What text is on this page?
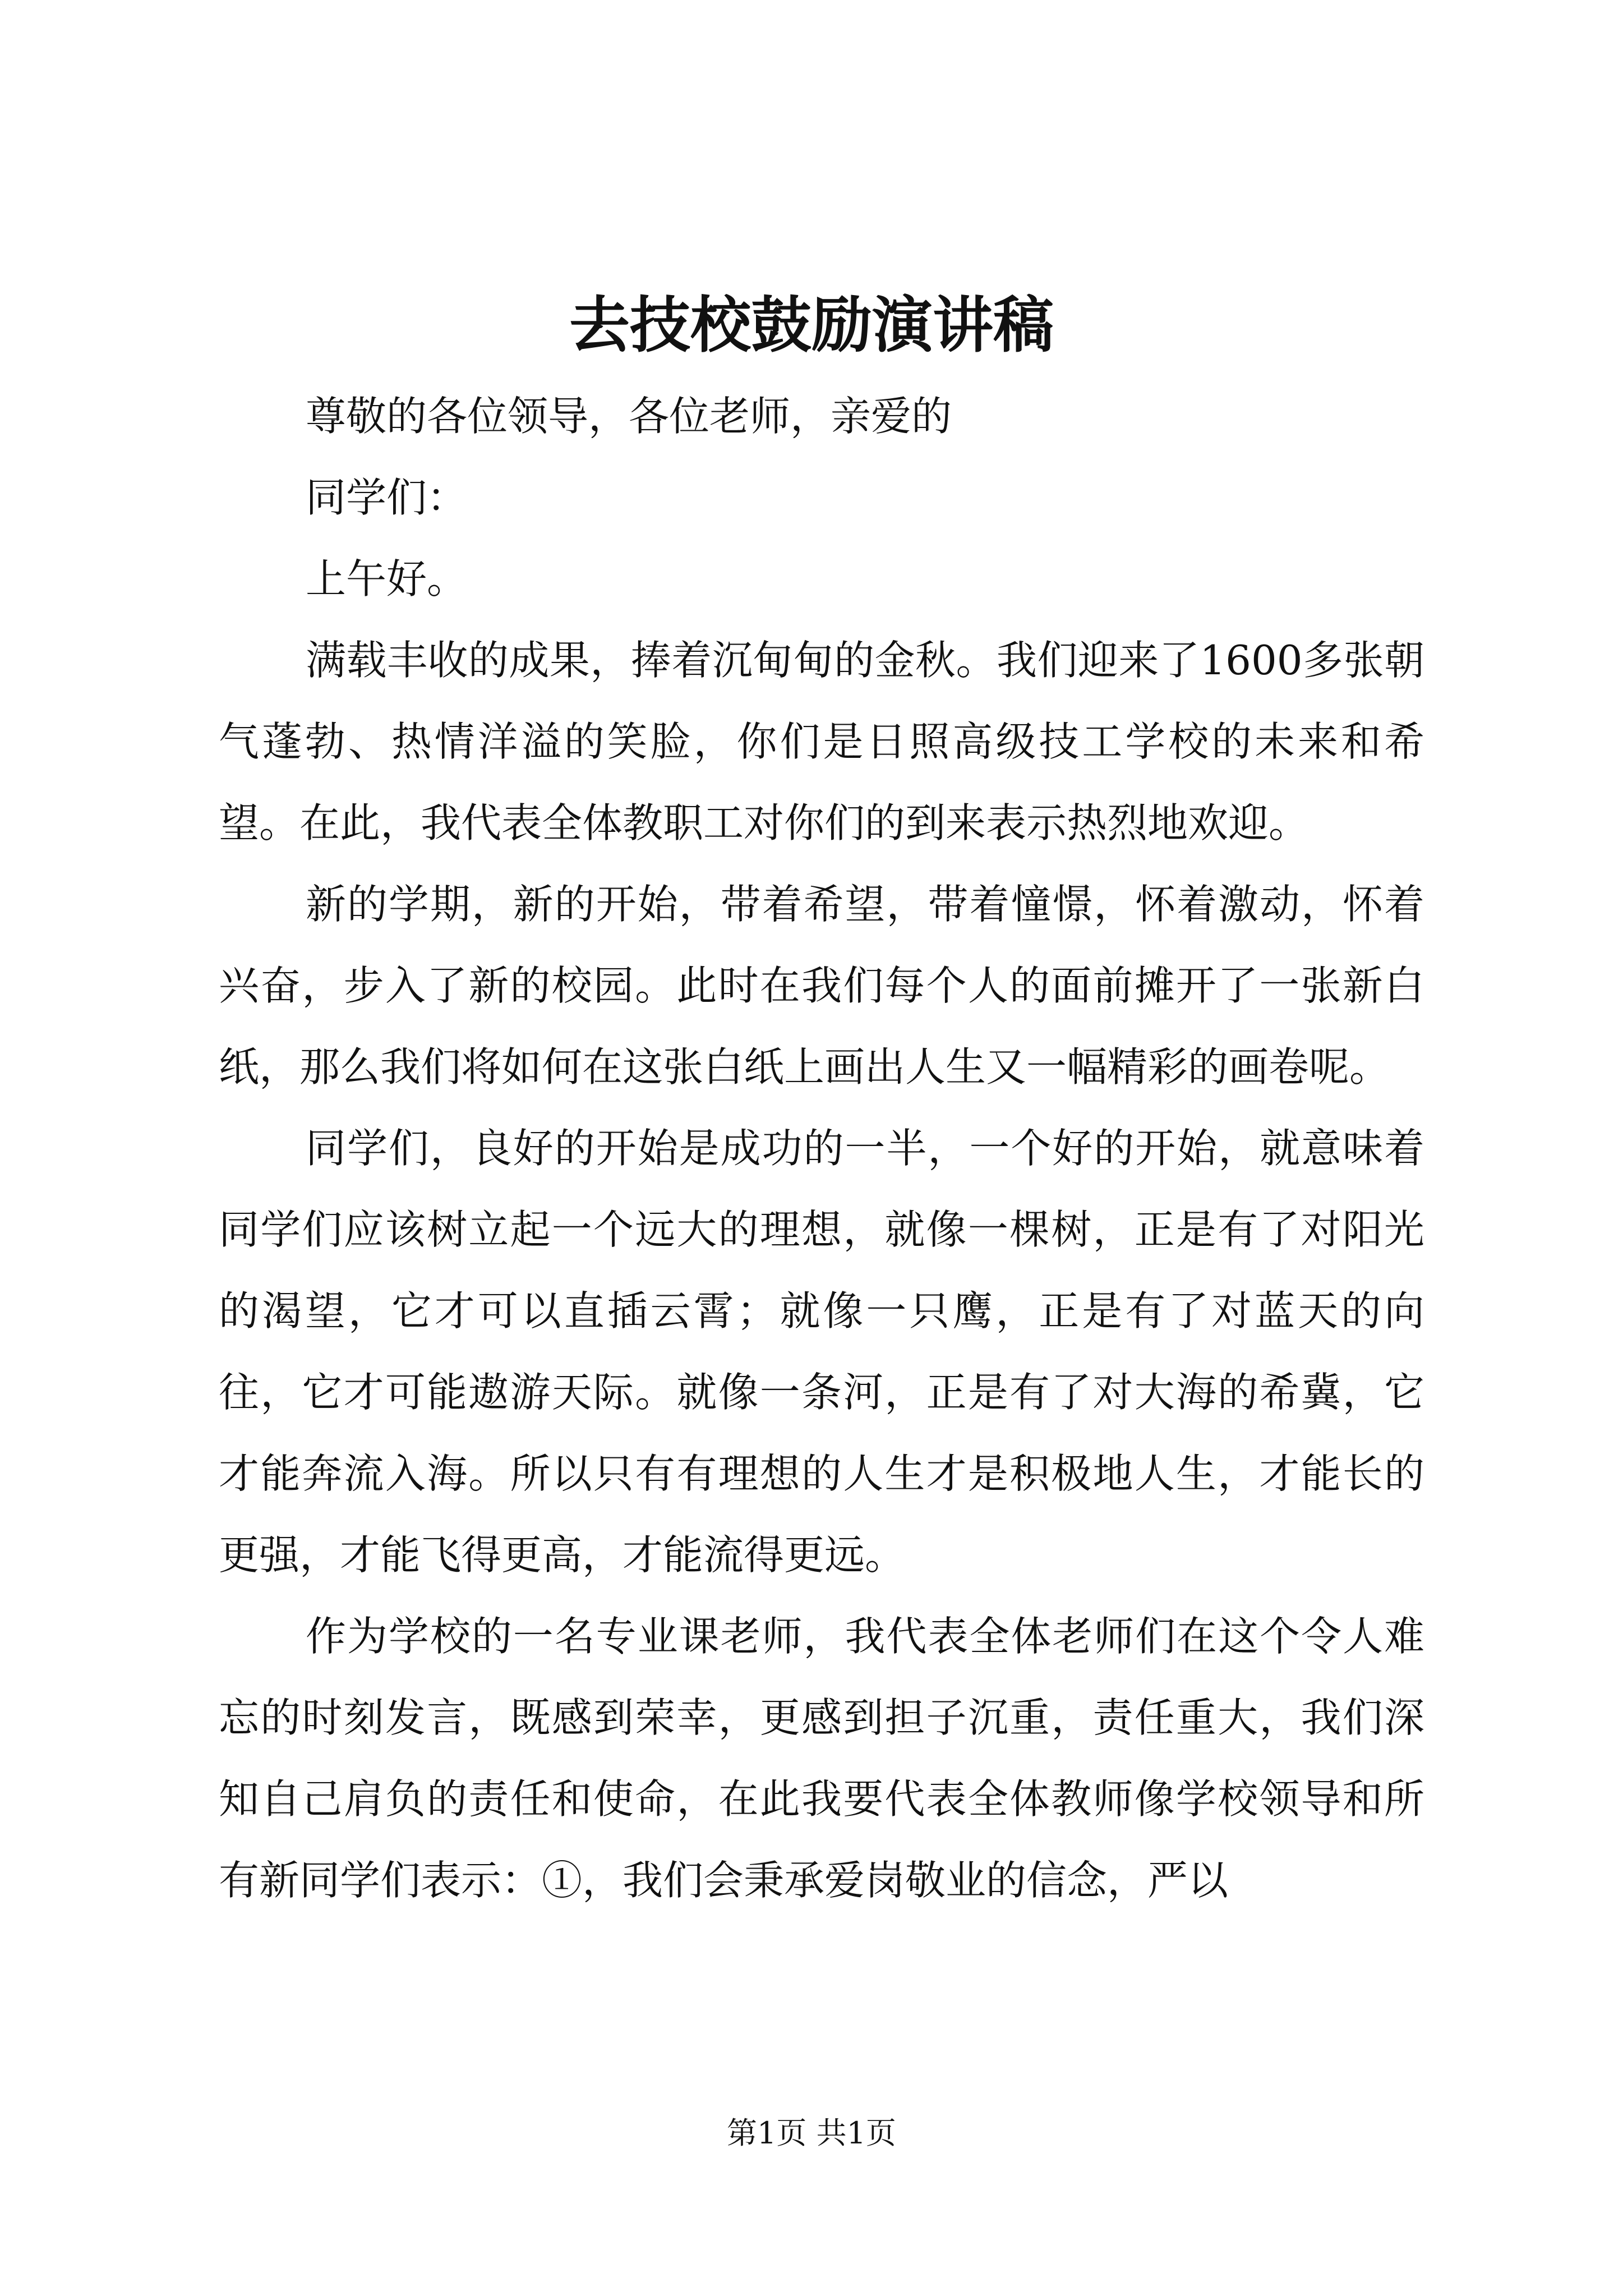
去技校鼓励演讲稿

尊敬的各位领导，各位老师，亲爱的

同学们：

上午好。

满载丰收的成果，捧着沉甸甸的金秋。我们迎来了1600多张朝气蓬勃、热情洋溢的笑脸，你们是日照高级技工学校的未来和希望。在此，我代表全体教职工对你们的到来表示热烈地欢迎。

新的学期，新的开始，带着希望，带着憧憬，怀着激动，怀着兴奋，步入了新的校园。此时在我们每个人的面前摊开了一张新白纸，那么我们将如何在这张白纸上画出人生又一幅精彩的画卷呢。

同学们，良好的开始是成功的一半，一个好的开始，就意味着同学们应该树立起一个远大的理想，就像一棵树，正是有了对阳光的渴望，它才可以直插云霄；就像一只鹰，正是有了对蓝天的向往，它才可能遨游天际。就像一条河，正是有了对大海的希冀，它才能奔流入海。所以只有有理想的人生才是积极地人生，才能长的更强，才能飞得更高，才能流得更远。

作为学校的一名专业课老师，我代表全体老师们在这个令人难忘的时刻发言，既感到荣幸，更感到担子沉重，责任重大，我们深知自己肩负的责任和使命，在此我要代表全体教师像学校领导和所有新同学们表示：①，我们会秉承爱岗敬业的信念，严以

第1页 共1页
